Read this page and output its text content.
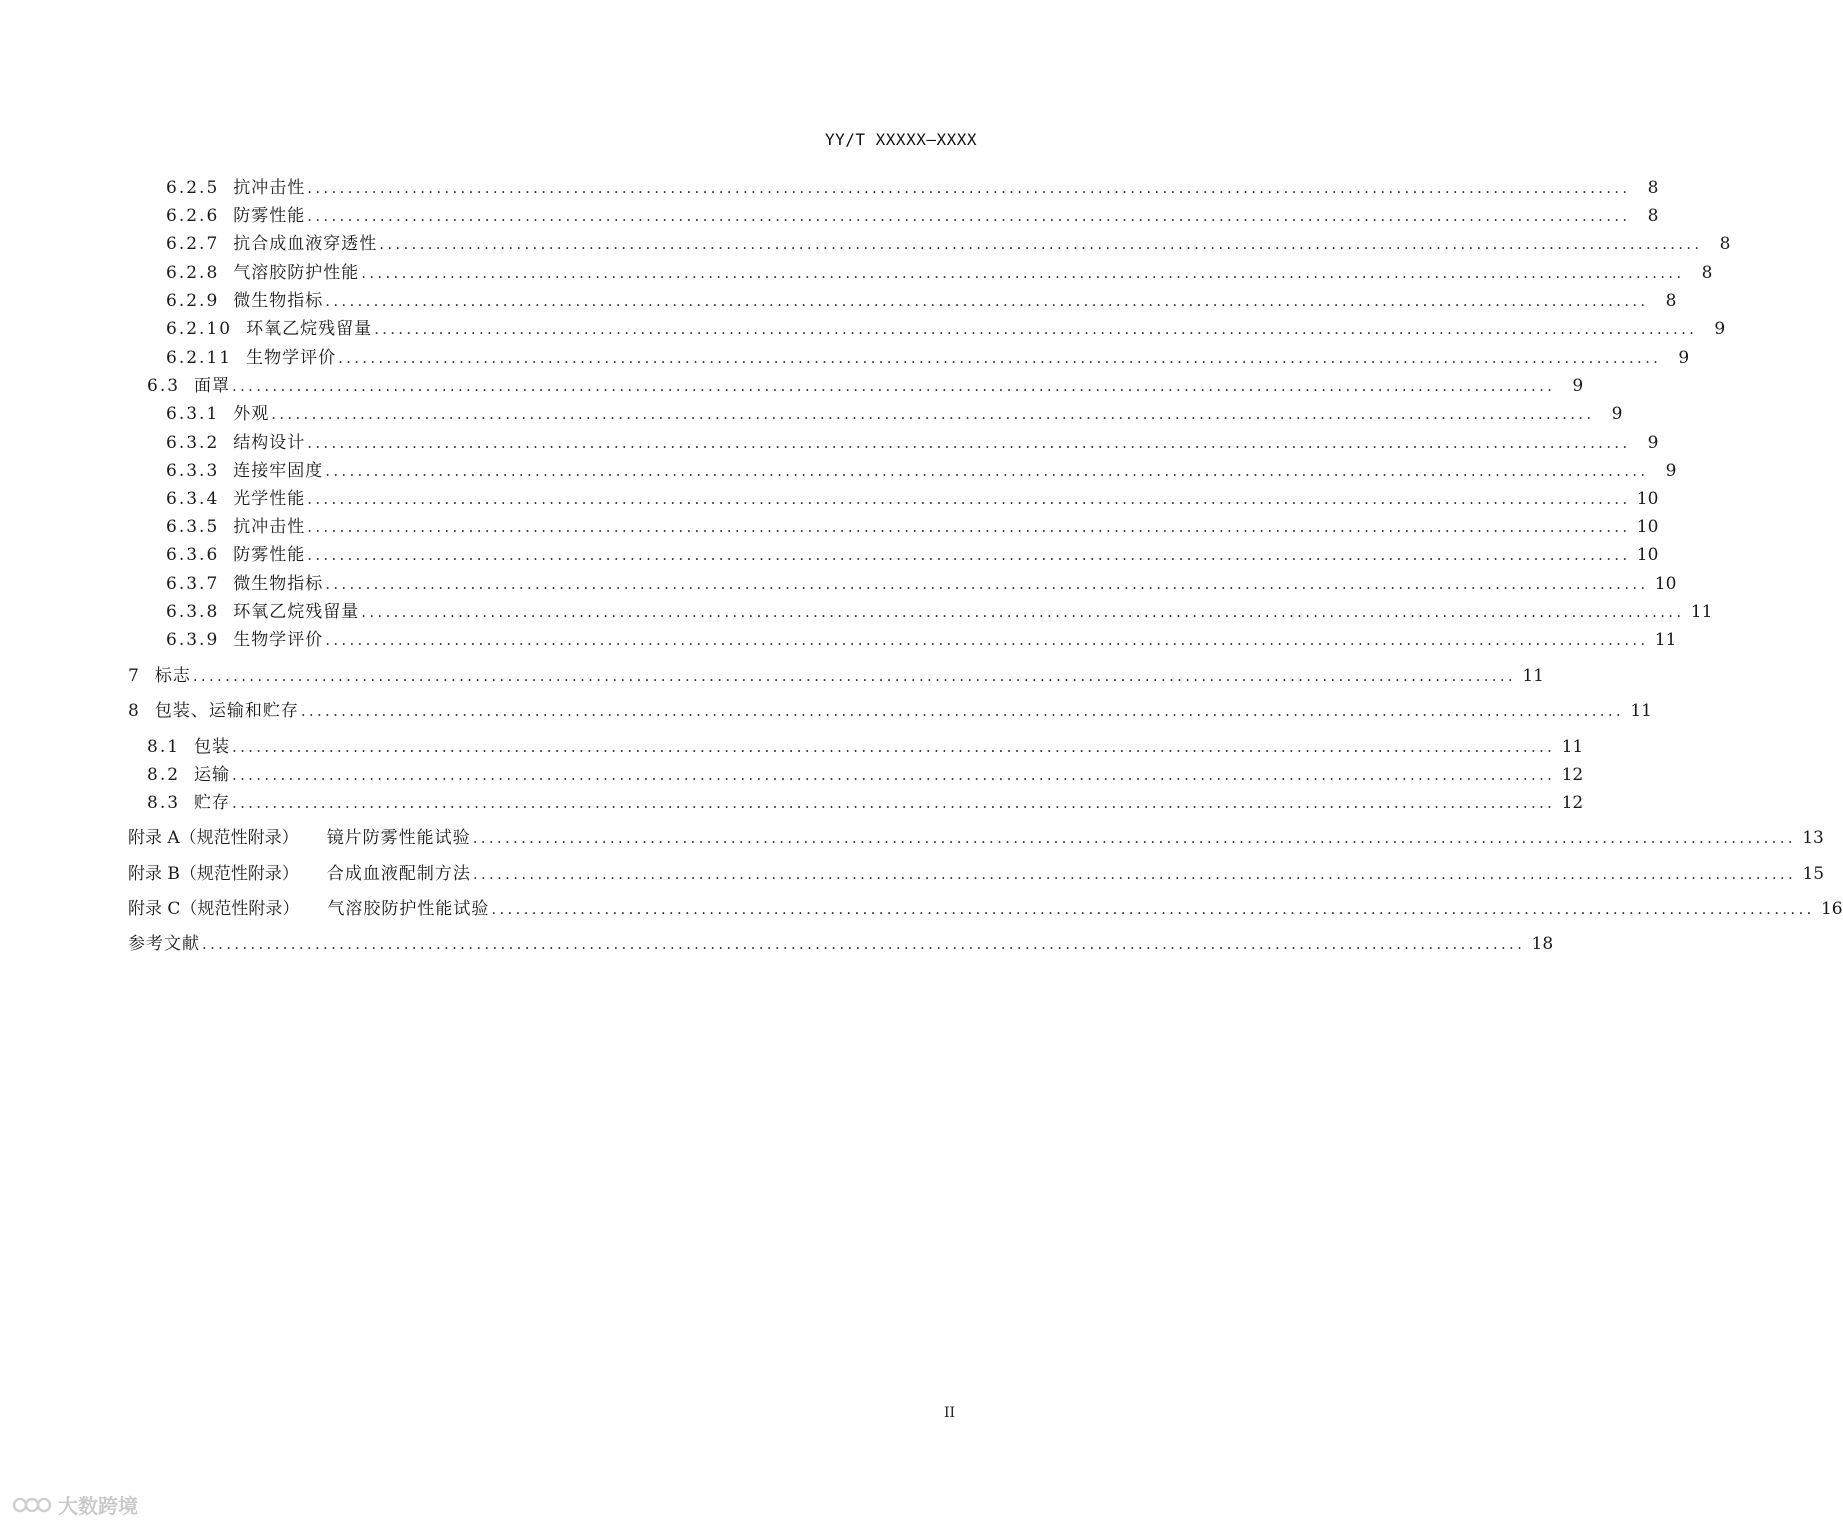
YY/T XXXXX—XXXX
6.2.5 抗冲击性 ....................................................................................................................................................................	8
6.2.6 防雾性能 ....................................................................................................................................................................	8
6.2.7 抗合成血液穿透性 ....................................................................................................................................................................	8
6.2.8 气溶胶防护性能 ....................................................................................................................................................................	8
6.2.9 微生物指标 ....................................................................................................................................................................	8
6.2.10 环氧乙烷残留量 ....................................................................................................................................................................	9
6.2.11 生物学评价 ....................................................................................................................................................................	9
6.3 面罩 ....................................................................................................................................................................	9
6.3.1 外观 ....................................................................................................................................................................	9
6.3.2 结构设计 ....................................................................................................................................................................	9
6.3.3 连接牢固度 ....................................................................................................................................................................	9
6.3.4 光学性能 .................................................................................................................................................................... 10
6.3.5 抗冲击性 .................................................................................................................................................................... 10
6.3.6 防雾性能 .................................................................................................................................................................... 10
6.3.7 微生物指标 .................................................................................................................................................................... 10
6.3.8 环氧乙烷残留量 .................................................................................................................................................................... 11
6.3.9 生物学评价 .................................................................................................................................................................... 11
7 标志 .................................................................................................................................................................... 11
8 包装、运输和贮存 .................................................................................................................................................................... 11
8.1 包装 .................................................................................................................................................................... 11
8.2 运输 .................................................................................................................................................................... 12
8.3 贮存 .................................................................................................................................................................... 12
附录 A（规范性附录） 镜片防雾性能试验 .................................................................................................................................................................... 13
附录 B（规范性附录） 合成血液配制方法 .................................................................................................................................................................... 15
附录 C（规范性附录） 气溶胶防护性能试验 .................................................................................................................................................................... 16
参考文献 .................................................................................................................................................................... 18
II
大数跨境
